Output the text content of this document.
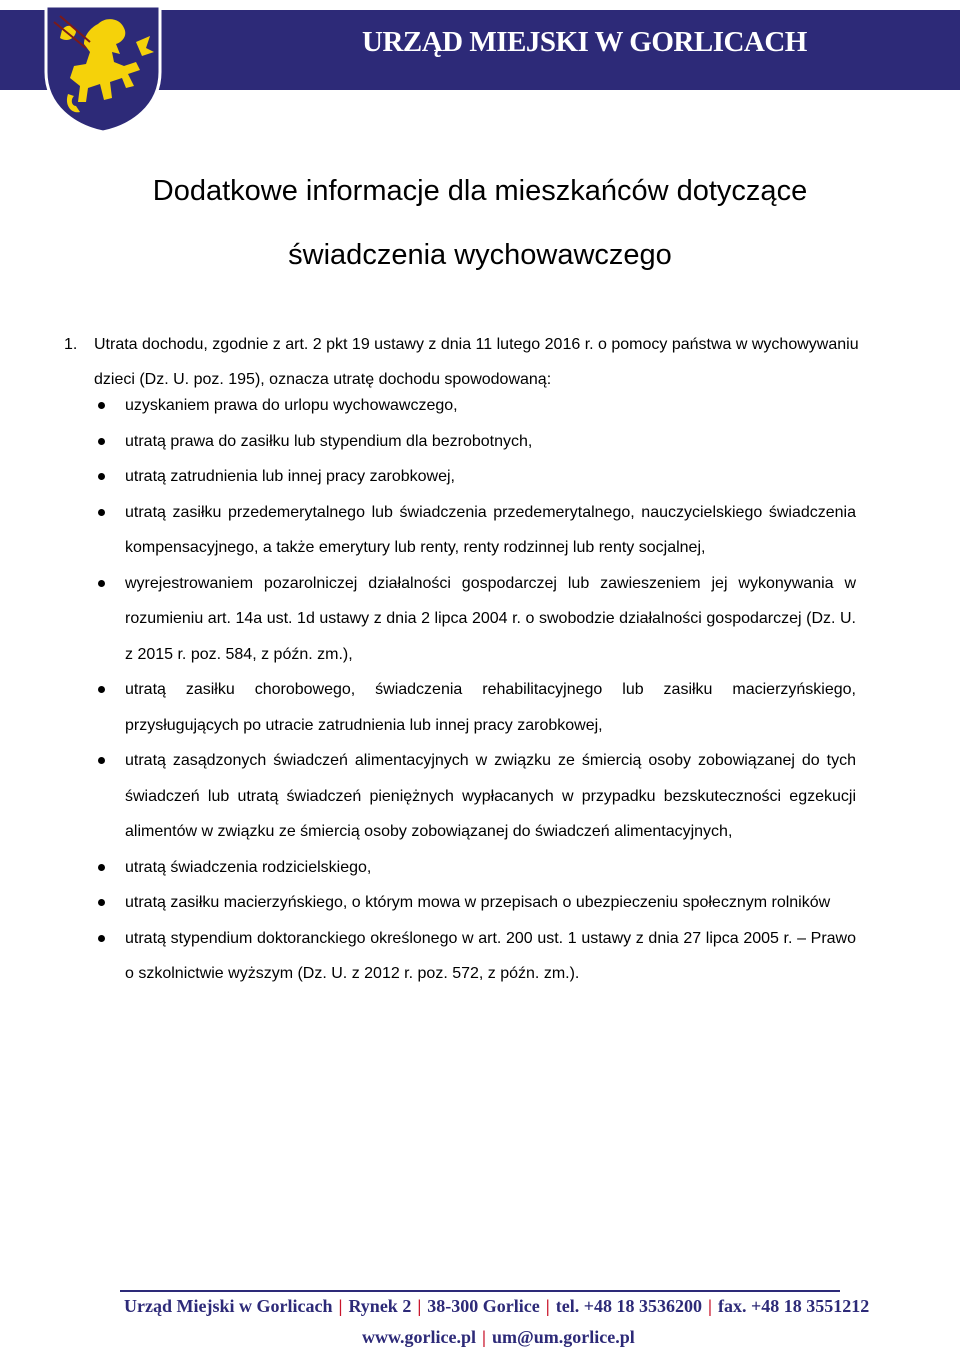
URZĄD MIEJSKI W GORLICACH
Dodatkowe informacje dla mieszkańców dotyczące
świadczenia wychowawczego
1.	Utrata dochodu, zgodnie z art. 2 pkt 19 ustawy z dnia 11 lutego 2016 r. o pomocy państwa w wychowywaniu dzieci (Dz. U. poz. 195), oznacza utratę dochodu spowodowaną:
uzyskaniem prawa do urlopu wychowawczego,
utratą prawa do zasiłku lub stypendium dla bezrobotnych,
utratą zatrudnienia lub innej pracy zarobkowej,
utratą zasiłku przedemerytalnego lub świadczenia przedemerytalnego, nauczycielskiego świadczenia kompensacyjnego, a także emerytury lub renty, renty rodzinnej lub renty socjalnej,
wyrejestrowaniem pozarolniczej działalności gospodarczej lub zawieszeniem jej wykonywania w rozumieniu art. 14a ust. 1d ustawy z dnia 2 lipca 2004 r. o swobodzie działalności gospodarczej (Dz. U. z 2015 r. poz. 584, z późn. zm.),
utratą zasiłku chorobowego, świadczenia rehabilitacyjnego lub zasiłku macierzyńskiego, przysługujących po utracie zatrudnienia lub innej pracy zarobkowej,
utratą zasądzonych świadczeń alimentacyjnych w związku ze śmiercią osoby zobowiązanej do tych świadczeń lub utratą świadczeń pieniężnych wypłacanych w przypadku bezskuteczności egzekucji alimentów w związku ze śmiercią osoby zobowiązanej do świadczeń alimentacyjnych,
utratą świadczenia rodzicielskiego,
utratą zasiłku macierzyńskiego, o którym mowa w przepisach o ubezpieczeniu społecznym rolników
utratą stypendium doktoranckiego określonego w art. 200 ust. 1 ustawy z dnia 27 lipca 2005 r. – Prawo o szkolnictwie wyższym (Dz. U. z 2012 r. poz. 572, z późn. zm.).
Urząd Miejski w Gorlicach | Rynek 2 | 38-300 Gorlice | tel. +48 18 3536200 | fax. +48 18 3551212
www.gorlice.pl | um@um.gorlice.pl
